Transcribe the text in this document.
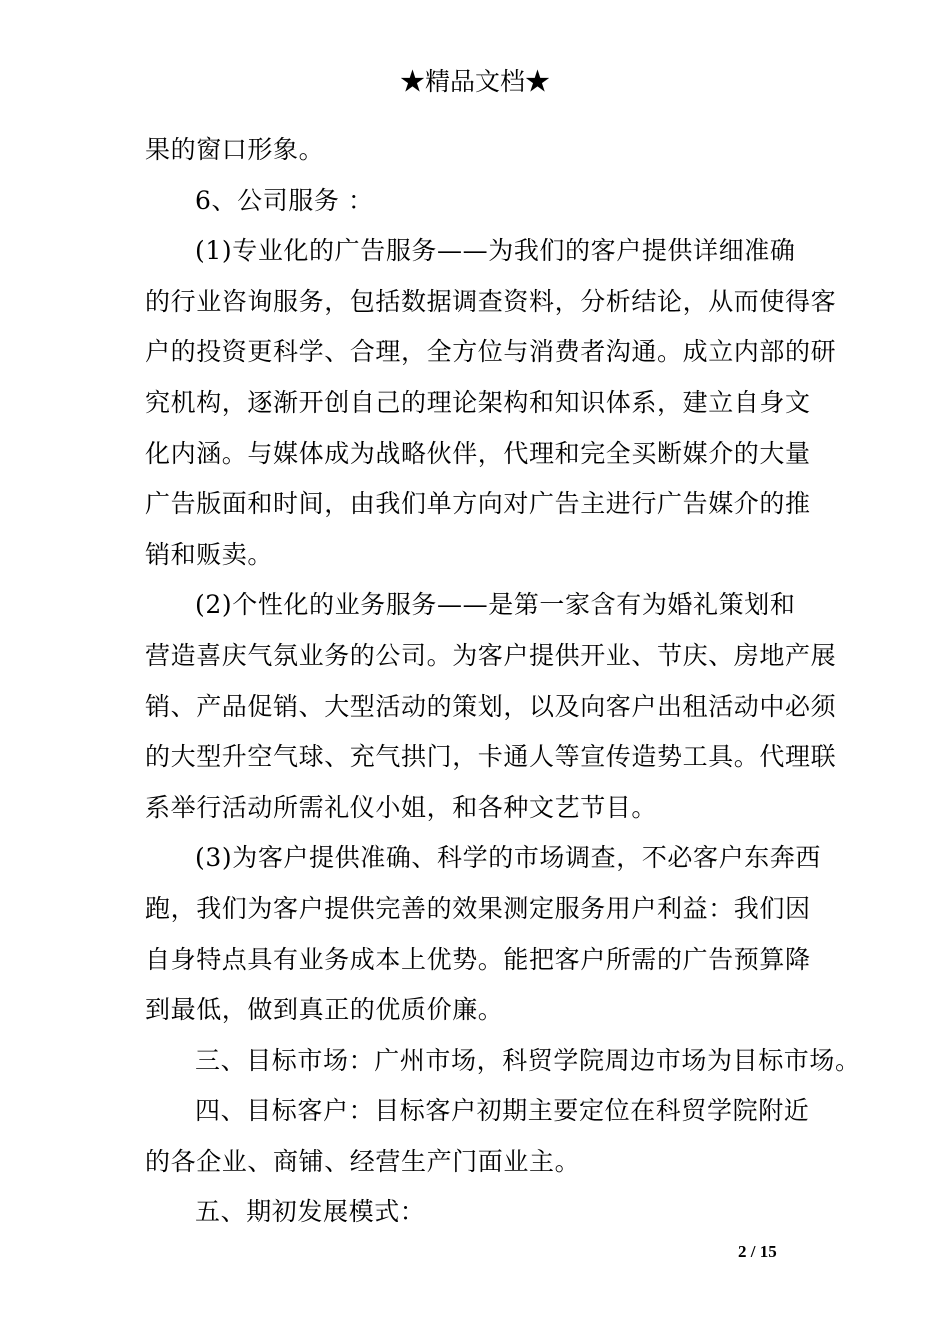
★精品文档★
果的窗口形象。
6、公司服务 ：
(1)专业化的广告服务——为我们的客户提供详细准确
的行业咨询服务，包括数据调查资料，分析结论，从而使得客
户的投资更科学、合理，全方位与消费者沟通。成立内部的研
究机构，逐渐开创自己的理论架构和知识体系，建立自身文
化内涵。与媒体成为战略伙伴，代理和完全买断媒介的大量
广告版面和时间，由我们单方向对广告主进行广告媒介的推
销和贩卖。
(2)个性化的业务服务——是第一家含有为婚礼策划和
营造喜庆气氛业务的公司。为客户提供开业、节庆、房地产展
销、产品促销、大型活动的策划，以及向客户出租活动中必须
的大型升空气球、充气拱门，卡通人等宣传造势工具。代理联
系举行活动所需礼仪小姐，和各种文艺节目。
(3)为客户提供准确、科学的市场调查，不必客户东奔西
跑，我们为客户提供完善的效果测定服务用户利益：我们因
自身特点具有业务成本上优势。能把客户所需的广告预算降
到最低，做到真正的优质价廉。
三、目标市场：广州市场，科贸学院周边市场为目标市场。
四、目标客户：目标客户初期主要定位在科贸学院附近
的各企业、商铺、经营生产门面业主。
五、期初发展模式：
2 / 15
